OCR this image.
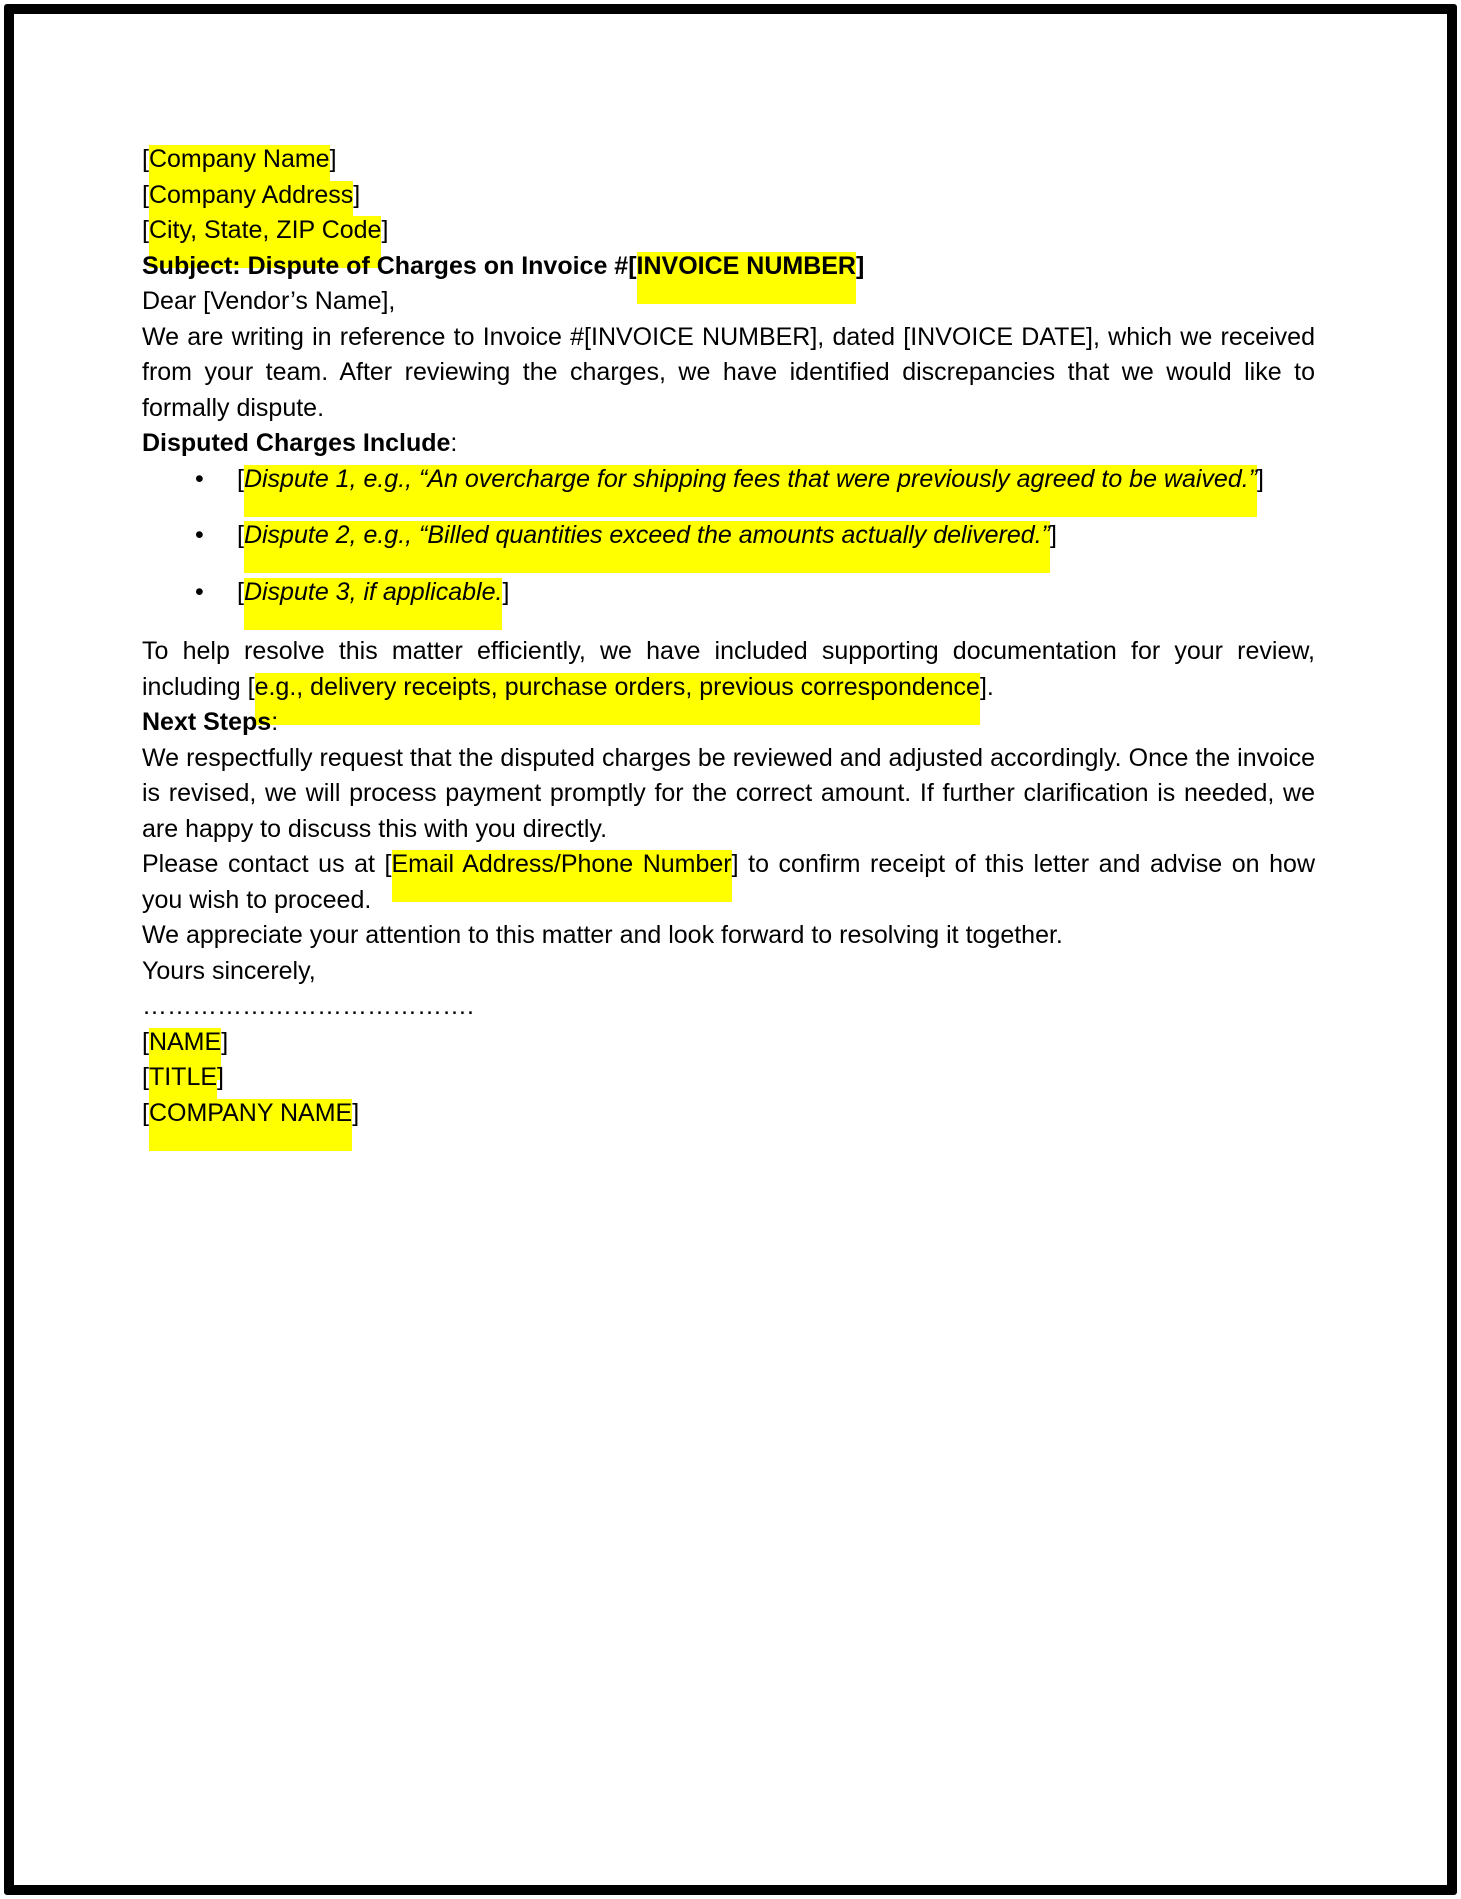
[Company Name]

[Company Address]

[City, State, ZIP Code]

Subject: Dispute of Charges on Invoice #[INVOICE NUMBER]

Dear [Vendor’s Name],

We are writing in reference to Invoice #[INVOICE NUMBER], dated [INVOICE DATE], which we received from your team. After reviewing the charges, we have identified discrepancies that we would like to formally dispute.

Disputed Charges Include:

•	[Dispute 1, e.g., “An overcharge for shipping fees that were previously agreed to be waived.”]
•	[Dispute 2, e.g., “Billed quantities exceed the amounts actually delivered.”]
•	[Dispute 3, if applicable.]

To help resolve this matter efficiently, we have included supporting documentation for your review, including [e.g., delivery receipts, purchase orders, previous correspondence].

Next Steps:

We respectfully request that the disputed charges be reviewed and adjusted accordingly. Once the invoice is revised, we will process payment promptly for the correct amount. If further clarification is needed, we are happy to discuss this with you directly.

Please contact us at [Email Address/Phone Number] to confirm receipt of this letter and advise on how you wish to proceed.

We appreciate your attention to this matter and look forward to resolving it together.

Yours sincerely,

………………………………….

[NAME]

[TITLE]

[COMPANY NAME]
